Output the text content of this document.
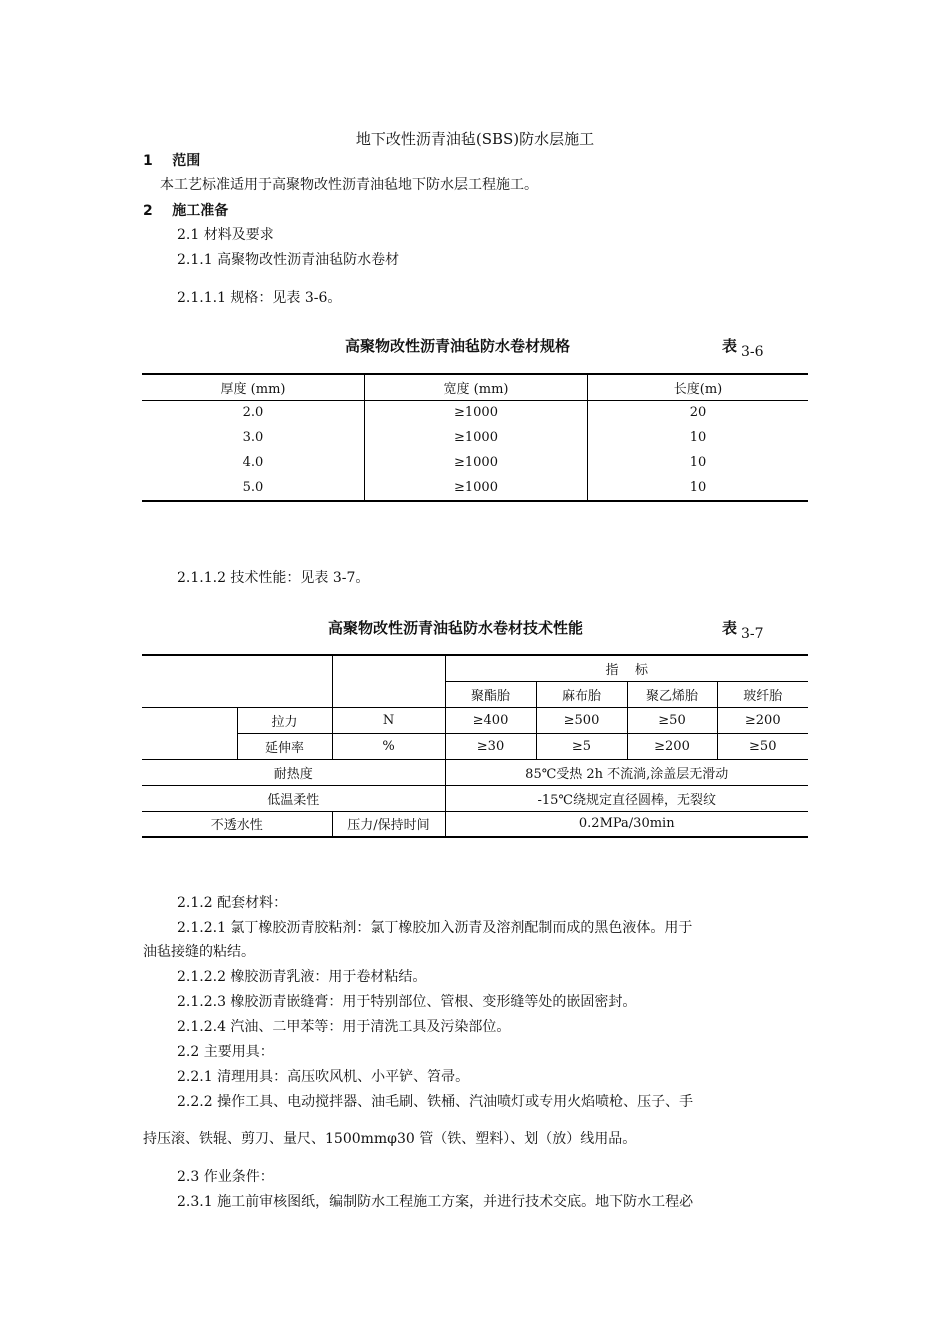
地下改性沥青油毡(SBS)防水层施工
1 范围
本工艺标准适用于高聚物改性沥青油毡地下防水层工程施工。
2 施工准备
2.1 材料及要求
2.1.1 高聚物改性沥青油毡防水卷材
2.1.1.1 规格：见表 3-6。
高聚物改性沥青油毡防水卷材规格	表 3-6
厚度 (mm)	宽度 (mm)	长度(m)
2.0	≥1000	20
3.0	≥1000	10
4.0	≥1000	10
5.0	≥1000	10
2.1.1.2 技术性能：见表 3-7。
高聚物改性沥青油毡防水卷材技术性能	表 3-7
			指    标			
			聚酯胎	麻布胎	聚乙烯胎	玻纤胎
	拉力	N	≥400	≥500	≥50	≥200
	延伸率	%	≥30	≥5	≥200	≥50
耐热度			85℃受热 2h 不流淌,涂盖层无滑动			
低温柔性			-15℃绕规定直径圆棒，无裂纹			
不透水性		压力/保持时间	0.2MPa/30min			
2.1.2 配套材料：
2.1.2.1 氯丁橡胶沥青胶粘剂：氯丁橡胶加入沥青及溶剂配制而成的黑色液体。用于
油毡接缝的粘结。
2.1.2.2 橡胶沥青乳液：用于卷材粘结。
2.1.2.3 橡胶沥青嵌缝膏：用于特别部位、管根、变形缝等处的嵌固密封。
2.1.2.4 汽油、二甲苯等：用于清洗工具及污染部位。
2.2 主要用具：
2.2.1 清理用具：高压吹风机、小平铲、笤帚。
2.2.2 操作工具、电动搅拌器、油毛刷、铁桶、汽油喷灯或专用火焰喷枪、压子、手
持压滚、铁辊、剪刀、量尺、1500mmφ30 管（铁、塑料）、划（放）线用品。
2.3 作业条件：
2.3.1 施工前审核图纸，编制防水工程施工方案，并进行技术交底。地下防水工程必
